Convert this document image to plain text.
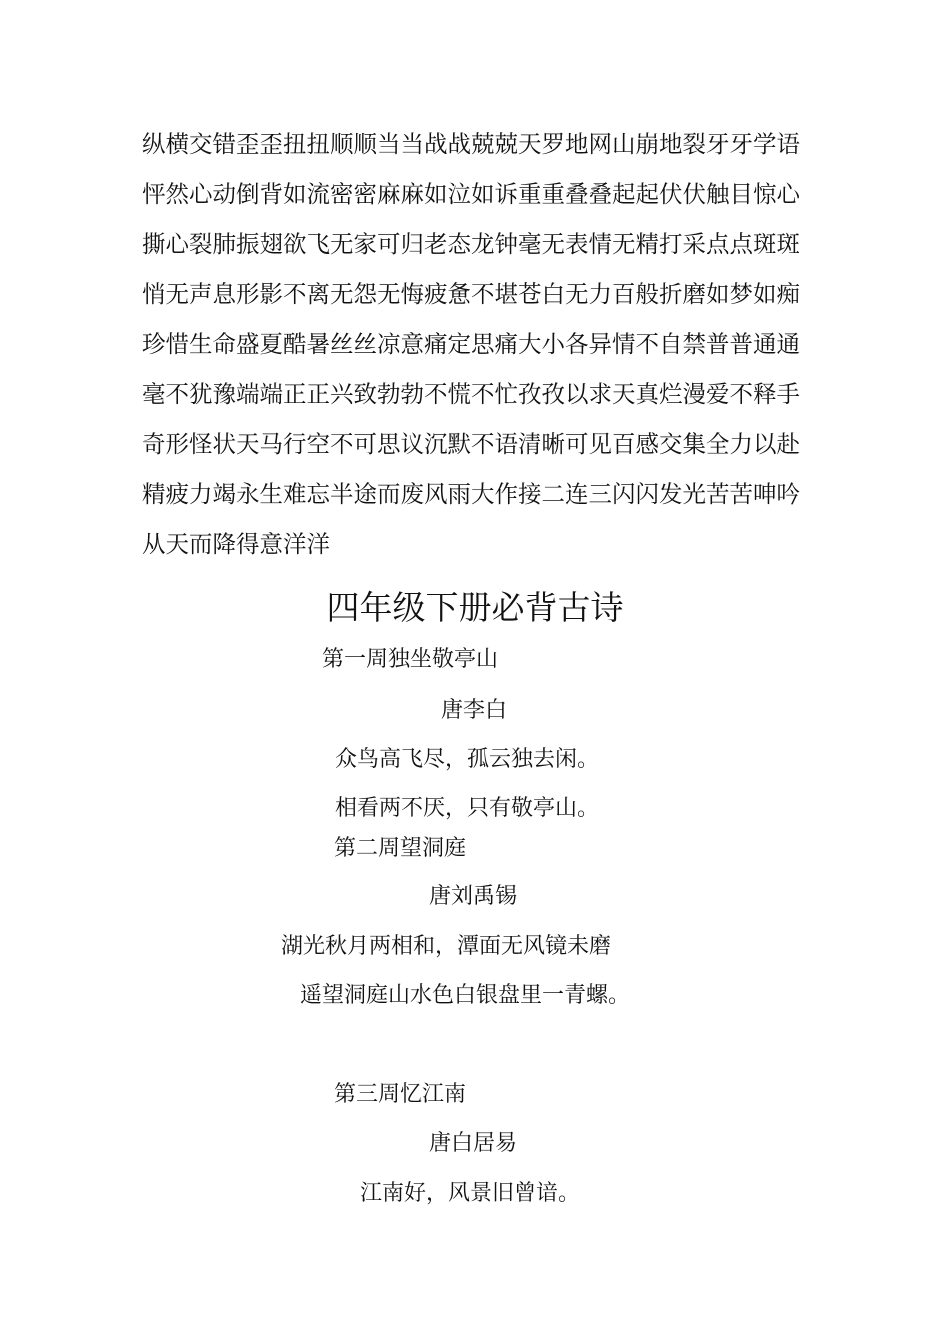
纵横交错歪歪扭扭顺顺当当战战兢兢天罗地网山崩地裂牙牙学语
怦然心动倒背如流密密麻麻如泣如诉重重叠叠起起伏伏触目惊心
撕心裂肺振翅欲飞无家可归老态龙钟毫无表情无精打采点点斑斑
悄无声息形影不离无怨无悔疲惫不堪苍白无力百般折磨如梦如痴
珍惜生命盛夏酷暑丝丝凉意痛定思痛大小各异情不自禁普普通通
毫不犹豫端端正正兴致勃勃不慌不忙孜孜以求天真烂漫爱不释手
奇形怪状天马行空不可思议沉默不语清晰可见百感交集全力以赴
精疲力竭永生难忘半途而废风雨大作接二连三闪闪发光苦苦呻吟
从天而降得意洋洋
四年级下册必背古诗
第一周独坐敬亭山
唐李白
众鸟高飞尽，孤云独去闲。
相看两不厌，只有敬亭山。
第二周望洞庭
唐刘禹锡
湖光秋月两相和，潭面无风镜未磨
遥望洞庭山水色白银盘里一青螺。
第三周忆江南
唐白居易
江南好，风景旧曾谙。
